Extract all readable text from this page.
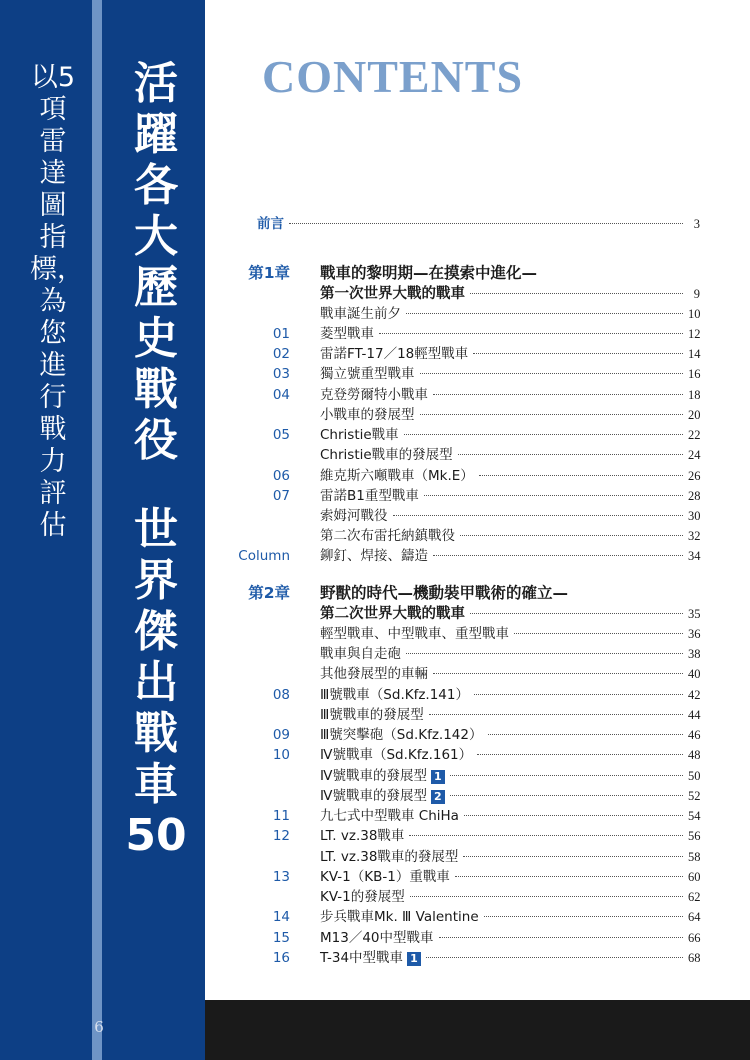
以5項雷達圖指標，為您進行戰力評估
活躍各大歷史戰役
世界傑出戰車50
6
CONTENTS
前言	3
第1章 戰車的黎明期—在摸索中進化—
第一次世界大戰的戰車	9
戰車誕生前夕	10
01 菱型戰車	12
02 雷諾FT-17／18輕型戰車	14
03 獨立號重型戰車	16
04 克登勞爾特小戰車	18
小戰車的發展型	20
05 Christie戰車	22
Christie戰車的發展型	24
06 維克斯六噸戰車（Mk.E）	26
07 雷諾B1重型戰車	28
索姆河戰役	30
第二次布雷托納鎮戰役	32
Column 鉚釘、焊接、鑄造	34
第2章 野獸的時代—機動裝甲戰術的確立—
第二次世界大戰的戰車	35
輕型戰車、中型戰車、重型戰車	36
戰車與自走砲	38
其他發展型的車輛	40
08 Ⅲ號戰車（Sd.Kfz.141）	42
Ⅲ號戰車的發展型	44
09 Ⅲ號突擊砲（Sd.Kfz.142）	46
10 Ⅳ號戰車（Sd.Kfz.161）	48
Ⅳ號戰車的發展型 1	50
Ⅳ號戰車的發展型 2	52
11 九七式中型戰車 ChiHa	54
12 LT. vz.38戰車	56
LT. vz.38戰車的發展型	58
13 KV-1（KB-1）重戰車	60
KV-1的發展型	62
14 步兵戰車Mk. Ⅲ Valentine	64
15 M13／40中型戰車	66
16 T-34中型戰車 1	68
